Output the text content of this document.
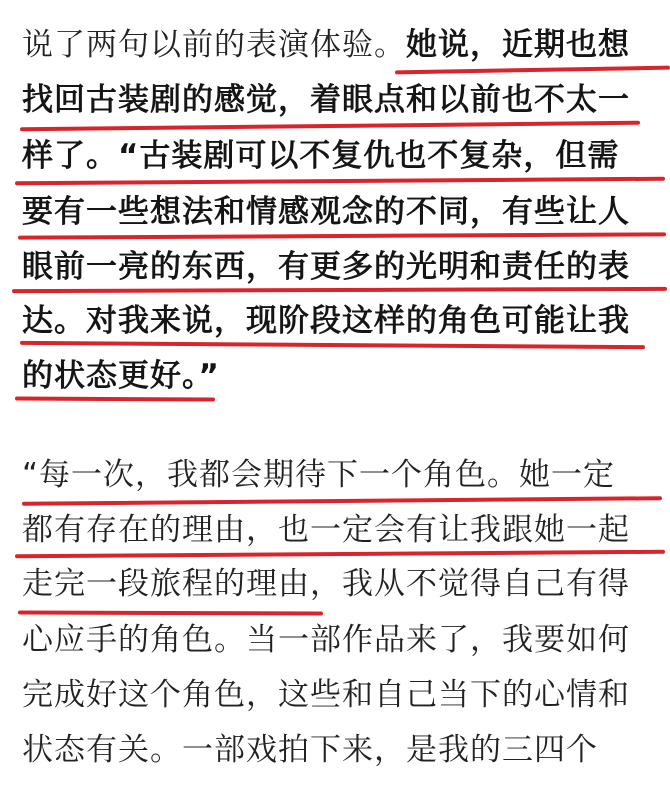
说了两句以前的表演体验。她说，近期也想
找回古装剧的感觉，着眼点和以前也不太一
样了。“古装剧可以不复仇也不复杂，但需
要有一些想法和情感观念的不同，有些让人
眼前一亮的东西，有更多的光明和责任的表
达。对我来说，现阶段这样的角色可能让我
的状态更好。”
“每一次，我都会期待下一个角色。她一定
都有存在的理由，也一定会有让我跟她一起
走完一段旅程的理由，我从不觉得自己有得
心应手的角色。当一部作品来了，我要如何
完成好这个角色，这些和自己当下的心情和
状态有关。一部戏拍下来，是我的三四个
